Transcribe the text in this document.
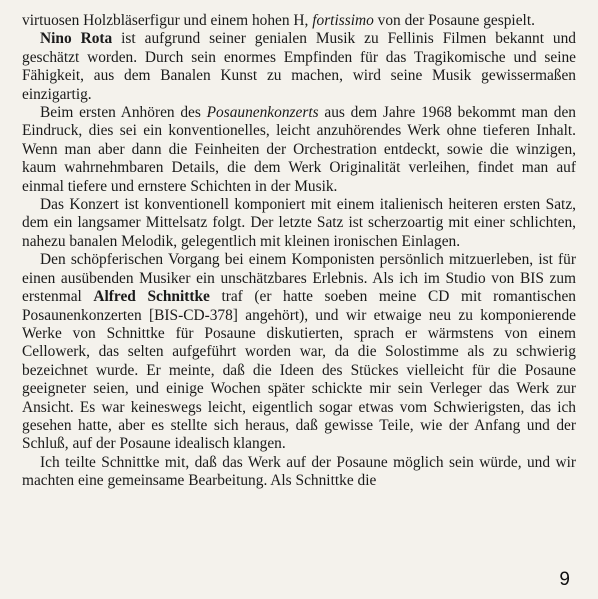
virtuosen Holzbläserfigur und einem hohen H, fortissimo von der Posaune gespielt.

Nino Rota ist aufgrund seiner genialen Musik zu Fellinis Filmen bekannt und geschätzt worden. Durch sein enormes Empfinden für das Tragikomische und seine Fähigkeit, aus dem Banalen Kunst zu machen, wird seine Musik gewissermaßen einzigartig.

Beim ersten Anhören des Posaunenkonzerts aus dem Jahre 1968 bekommt man den Eindruck, dies sei ein konventionelles, leicht anzuhörendes Werk ohne tieferen Inhalt. Wenn man aber dann die Feinheiten der Orchestration entdeckt, sowie die winzigen, kaum wahrnehmbaren Details, die dem Werk Originalität verleihen, findet man auf einmal tiefere und ernstere Schichten in der Musik.

Das Konzert ist konventionell komponiert mit einem italienisch heiteren ersten Satz, dem ein langsamer Mittelsatz folgt. Der letzte Satz ist scherzoartig mit einer schlichten, nahezu banalen Melodik, gelegentlich mit kleinen ironischen Einlagen.

Den schöpferischen Vorgang bei einem Komponisten persönlich mitzuerleben, ist für einen ausübenden Musiker ein unschätzbares Erlebnis. Als ich im Studio von BIS zum erstenmal Alfred Schnittke traf (er hatte soeben meine CD mit romantischen Posaunenkonzerten [BIS-CD-378] angehört), und wir etwaige neu zu komponierende Werke von Schnittke für Posaune diskutierten, sprach er wärmstens von einem Cellowerk, das selten aufgeführt worden war, da die Solostimme als zu schwierig bezeichnet wurde. Er meinte, daß die Ideen des Stückes vielleicht für die Posaune geeigneter seien, und einige Wochen später schickte mir sein Verleger das Werk zur Ansicht. Es war keineswegs leicht, eigentlich sogar etwas vom Schwierigsten, das ich gesehen hatte, aber es stellte sich heraus, daß gewisse Teile, wie der Anfang und der Schluß, auf der Posaune idealisch klangen.

Ich teilte Schnittke mit, daß das Werk auf der Posaune möglich sein würde, und wir machten eine gemeinsame Bearbeitung. Als Schnittke die

9
